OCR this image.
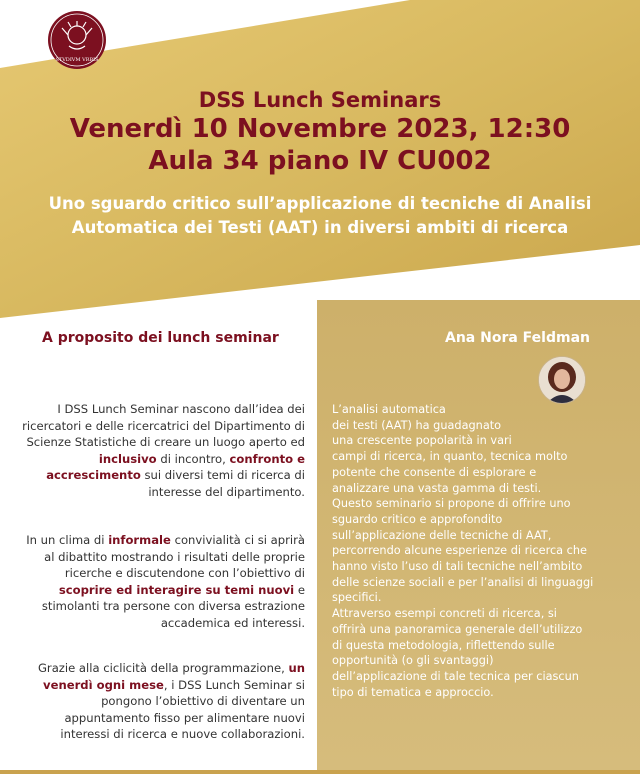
STVDIVM VRBIS
DSS Lunch Seminars
Venerdì 10 Novembre 2023, 12:30
Aula 34 piano IV CU002
Uno sguardo critico sull’applicazione di tecniche di Analisi
Automatica dei Testi (AAT) in diversi ambiti di ricerca
A proposito dei lunch seminar	Ana Nora Feldman
I DSS Lunch Seminar nascono dall’idea dei ricercatori e delle ricercatrici del Dipartimento di Scienze Statistiche di creare un luogo aperto ed inclusivo di incontro, confronto e accrescimento sui diversi temi di ricerca di interesse del dipartimento.
In un clima di informale convivialità ci si aprirà al dibattito mostrando i risultati delle proprie ricerche e discutendone con l’obiettivo di scoprire ed interagire su temi nuovi e stimolanti tra persone con diversa estrazione accademica ed interessi.
Grazie alla ciclicità della programmazione, un venerdì ogni mese, i DSS Lunch Seminar si pongono l’obiettivo di diventare un appuntamento fisso per alimentare nuovi interessi di ricerca e nuove collaborazioni.
L’analisi automatica
dei testi (AAT) ha guadagnato
una crescente popolarità in vari
campi di ricerca, in quanto, tecnica molto
potente che consente di esplorare e
analizzare una vasta gamma di testi.
Questo seminario si propone di offrire uno
sguardo critico e approfondito
sull’applicazione delle tecniche di AAT,
percorrendo alcune esperienze di ricerca che
hanno visto l’uso di tali tecniche nell’ambito
delle scienze sociali e per l’analisi di linguaggi
specifici.
Attraverso esempi concreti di ricerca, si
offrirà una panoramica generale dell’utilizzo
di questa metodologia, riflettendo sulle
opportunità (o gli svantaggi)
dell’applicazione di tale tecnica per ciascun
tipo di tematica e approccio.
